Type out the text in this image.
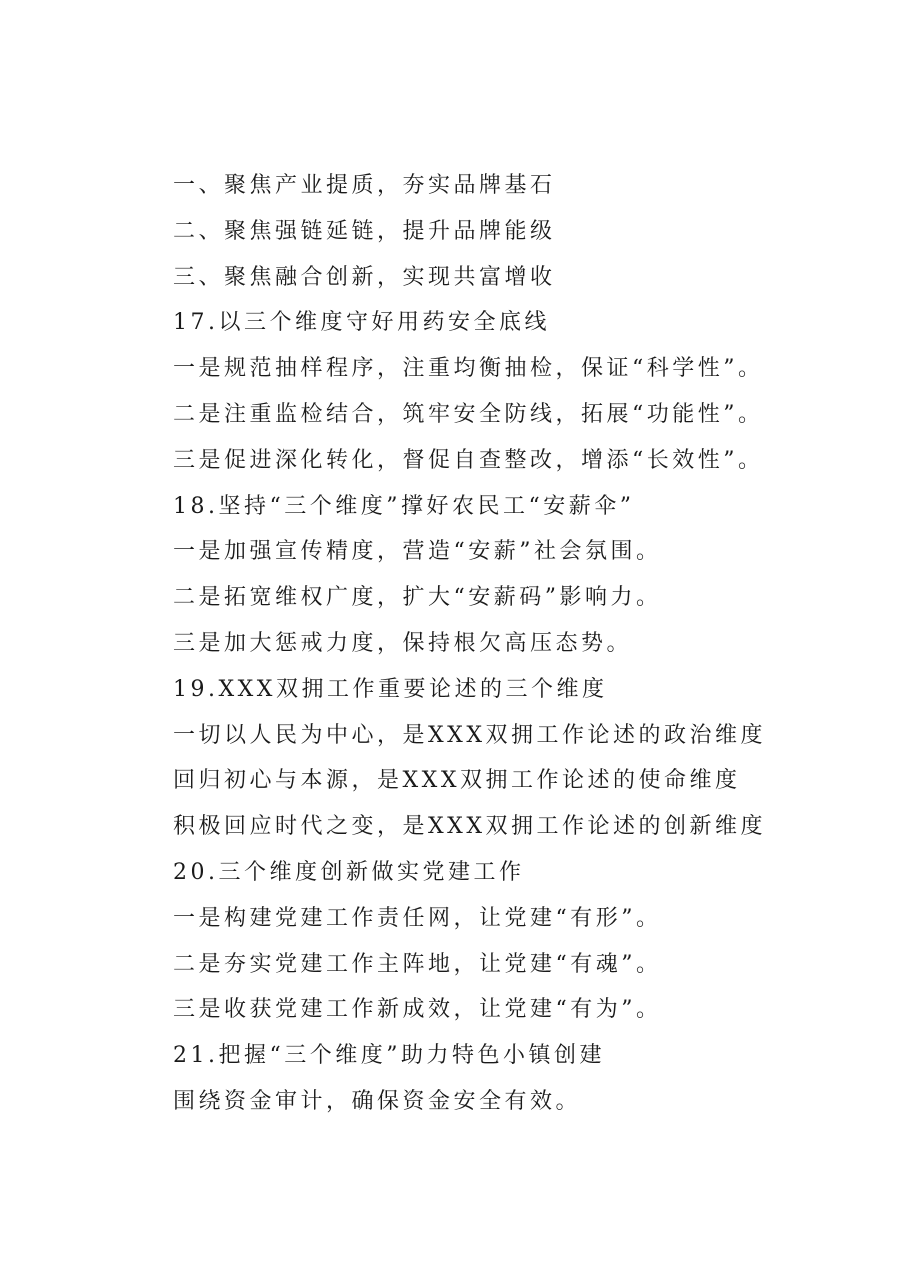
一、聚焦产业提质，夯实品牌基石
二、聚焦强链延链，提升品牌能级
三、聚焦融合创新，实现共富增收
17.以三个维度守好用药安全底线
一是规范抽样程序，注重均衡抽检，保证“科学性”。
二是注重监检结合，筑牢安全防线，拓展“功能性”。
三是促进深化转化，督促自查整改，增添“长效性”。
18.坚持“三个维度”撑好农民工“安薪伞”
一是加强宣传精度，营造“安薪”社会氛围。
二是拓宽维权广度，扩大“安薪码”影响力。
三是加大惩戒力度，保持根欠高压态势。
19.XXX双拥工作重要论述的三个维度
一切以人民为中心，是XXX双拥工作论述的政治维度
回归初心与本源，是XXX双拥工作论述的使命维度
积极回应时代之变，是XXX双拥工作论述的创新维度
20.三个维度创新做实党建工作
一是构建党建工作责任网，让党建“有形”。
二是夯实党建工作主阵地，让党建“有魂”。
三是收获党建工作新成效，让党建“有为”。
21.把握“三个维度”助力特色小镇创建
围绕资金审计，确保资金安全有效。
